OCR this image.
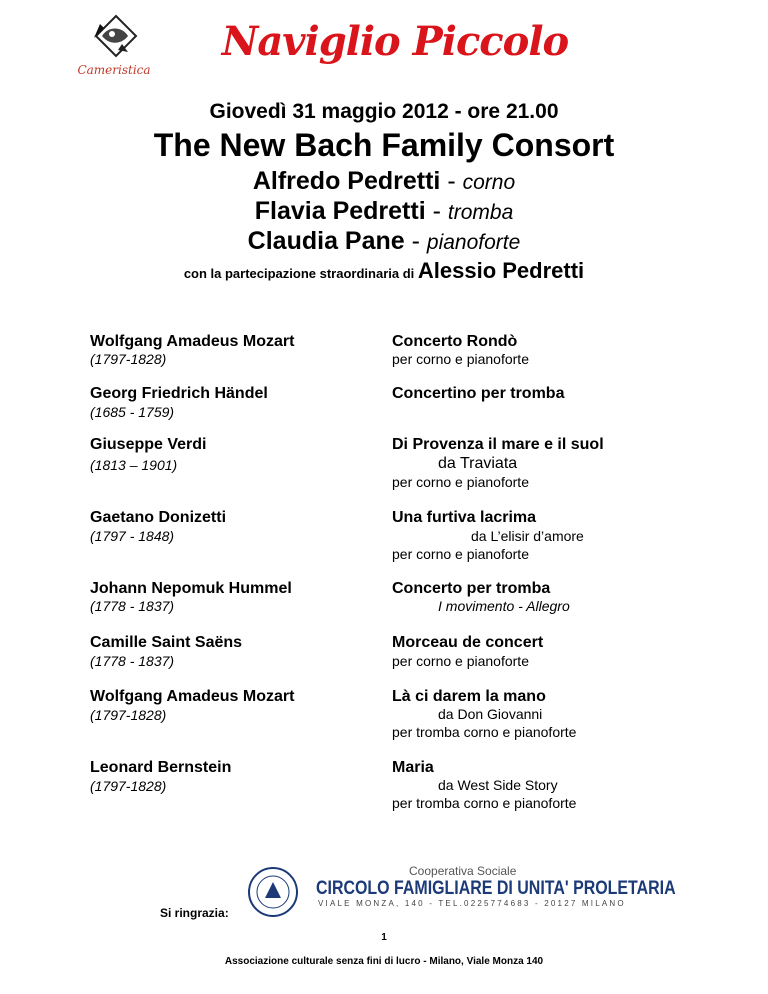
Cameristica
Naviglio Piccolo
Giovedì 31 maggio 2012 - ore 21.00
The New Bach Family Consort
Alfredo Pedretti - corno
Flavia Pedretti - tromba
Claudia Pane - pianoforte
con la partecipazione straordinaria di Alessio Pedretti
Wolfgang Amadeus Mozart
(1797-1828)
Concerto Rondò
per corno e pianoforte
Georg Friedrich Händel
(1685 - 1759)
Concertino per tromba
Giuseppe Verdi
(1813 – 1901)
Di Provenza il mare e il suol
da Traviata
per corno e pianoforte
Gaetano Donizetti
(1797 - 1848)
Una furtiva lacrima
da L’elisir d’amore
per corno e pianoforte
Johann Nepomuk Hummel
(1778 - 1837)
Concerto per tromba
I movimento - Allegro
Camille Saint Saëns
(1778 - 1837)
Morceau de concert
per corno e pianoforte
Wolfgang Amadeus Mozart
(1797-1828)
Là ci darem la mano
da Don Giovanni
per tromba corno e pianoforte
Leonard Bernstein
(1797-1828)
Maria
da West Side Story
per tromba corno e pianoforte
Cooperativa Sociale
CIRCOLO FAMIGLIARE DI UNITA' PROLETARIA
VIALE MONZA, 140 - TEL.0225774683 - 20127 MILANO
Si ringrazia:
1
Associazione culturale senza fini di lucro - Milano, Viale Monza 140
